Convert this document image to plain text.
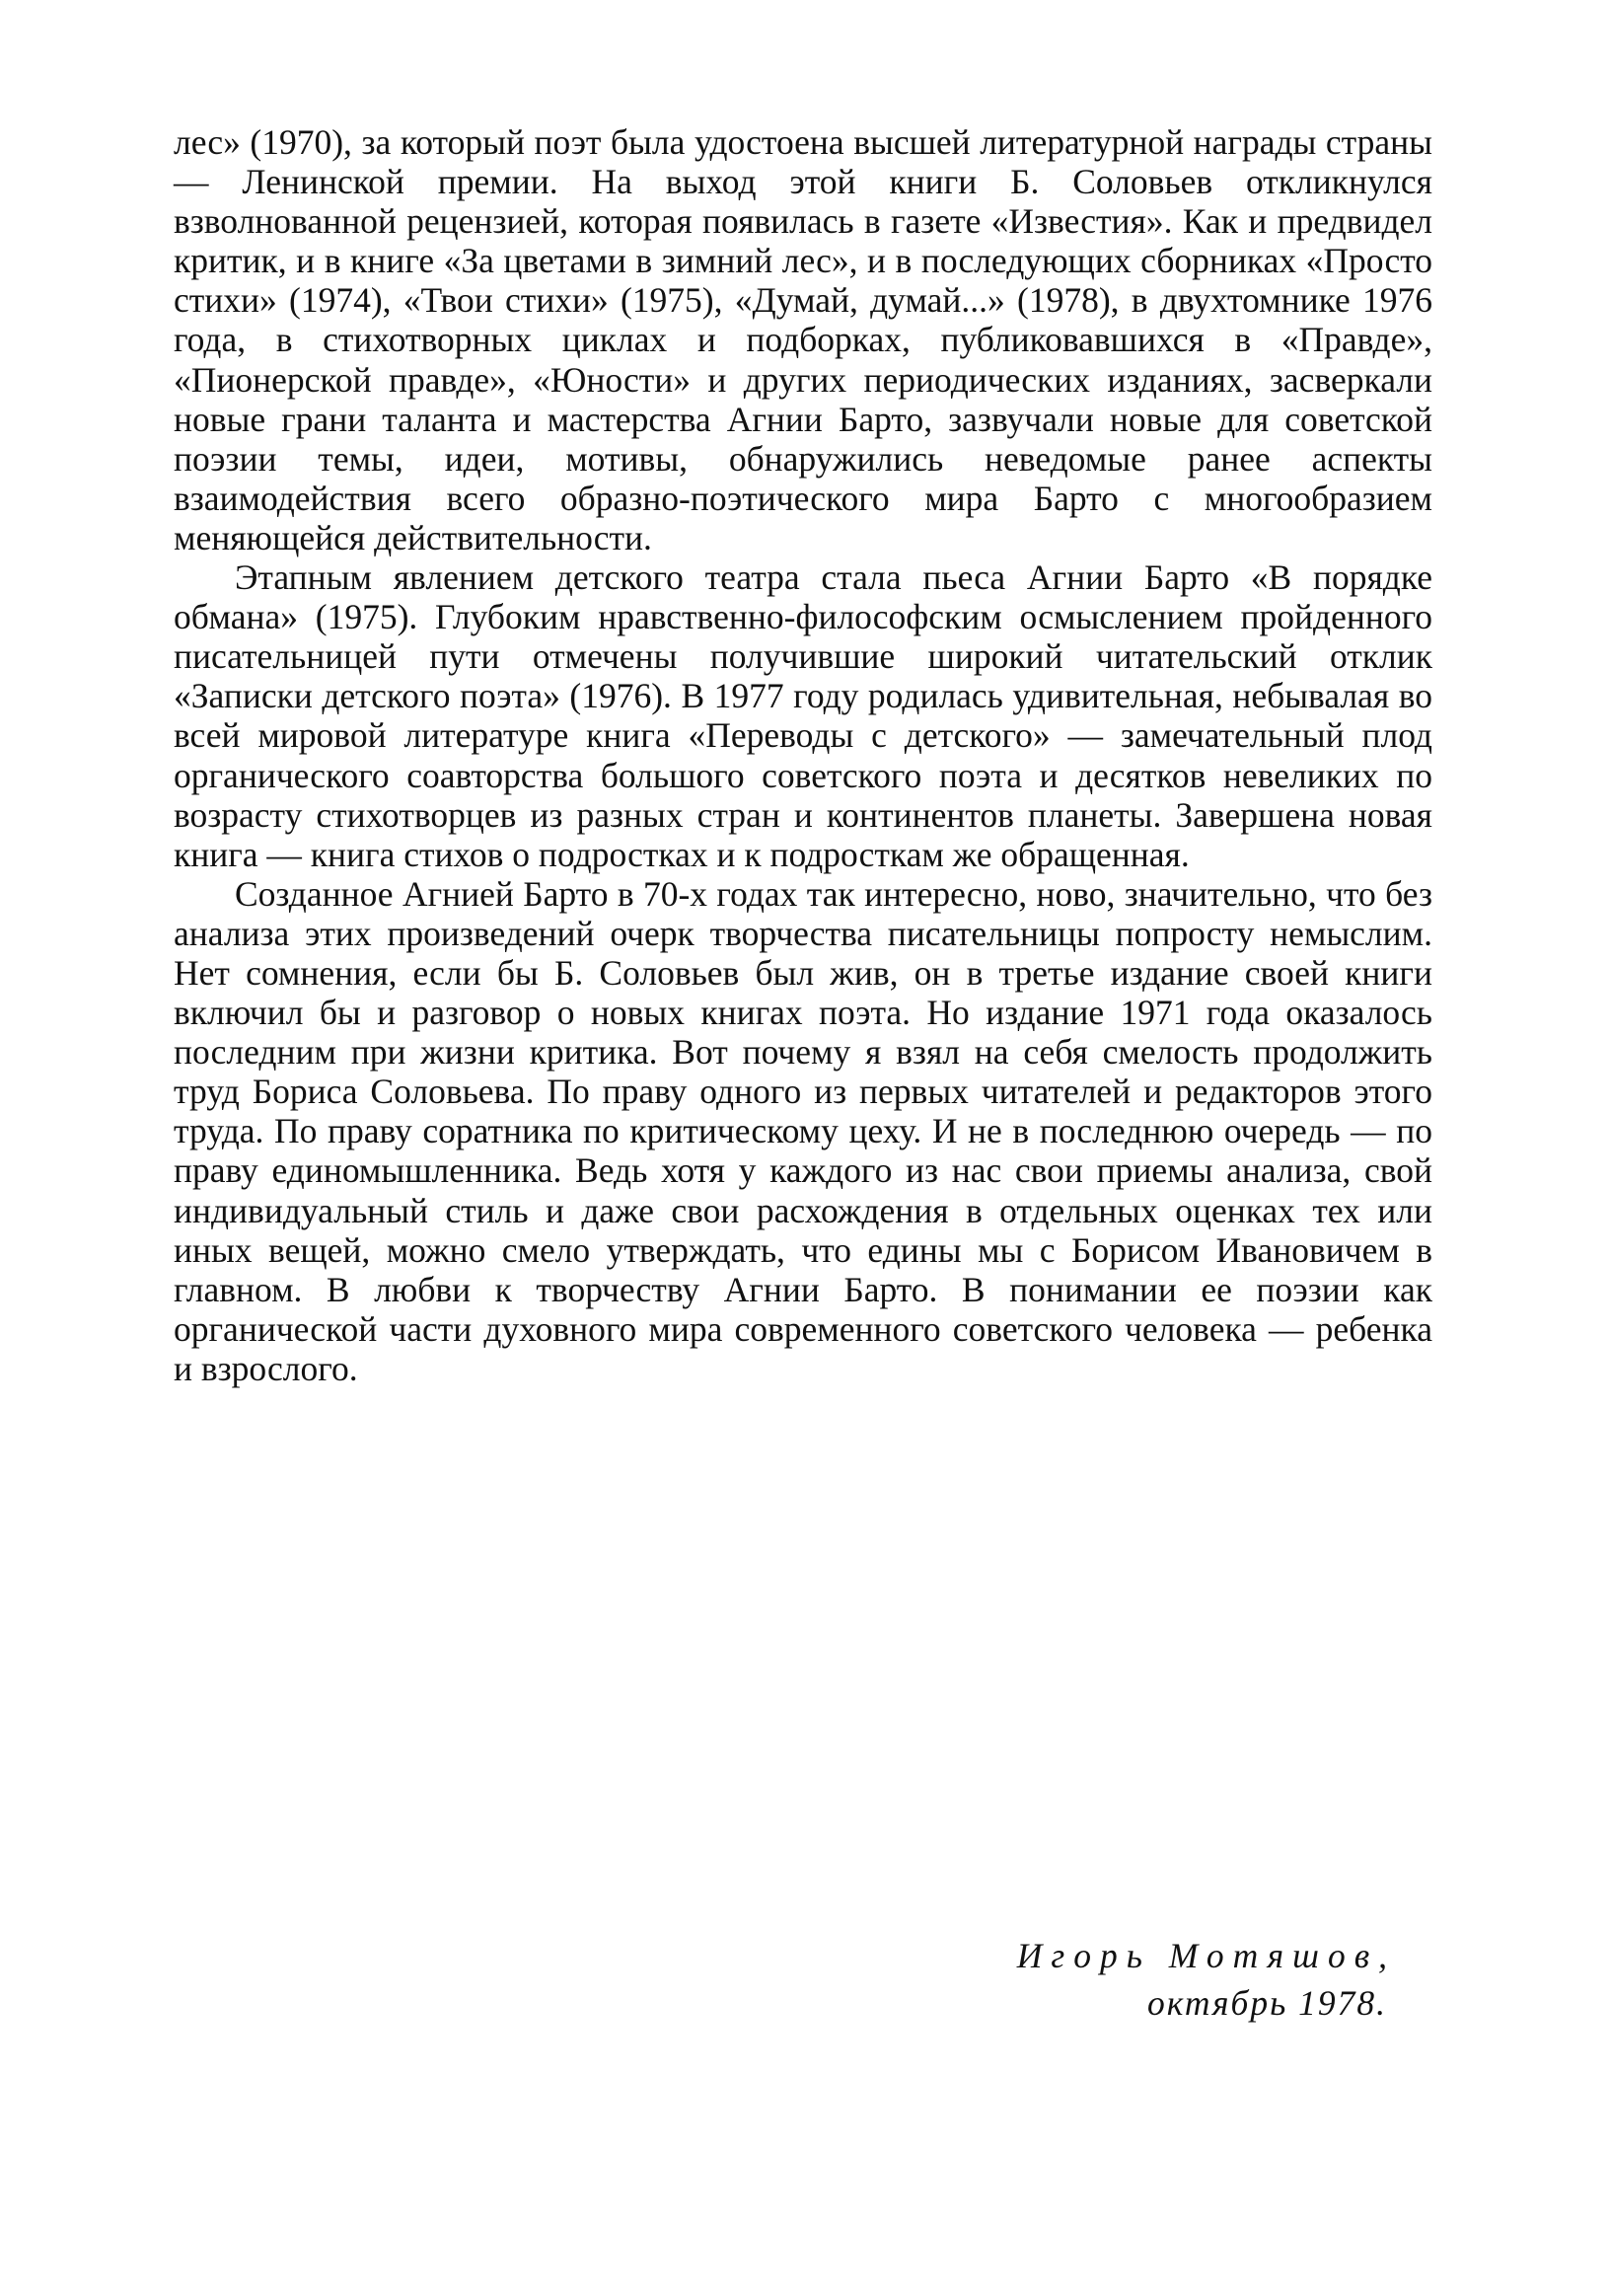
лес» (1970), за который поэт была удостоена высшей литературной награды страны — Ленинской премии. На выход этой книги Б. Соловьев откликнулся взволнованной рецензией, которая появилась в газете «Известия». Как и предвидел критик, и в книге «За цветами в зимний лес», и в последующих сборниках «Просто стихи» (1974), «Твои стихи» (1975), «Думай, думай...» (1978), в двухтомнике 1976 года, в стихотворных циклах и подборках, публиковавшихся в «Правде», «Пионерской правде», «Юности» и других периодических изданиях, засверкали новые грани таланта и мастерства Агнии Барто, зазвучали новые для советской поэзии темы, идеи, мотивы, обнаружились неведомые ранее аспекты взаимодействия всего образно-поэтического мира Барто с многообразием меняющейся действительности.

Этапным явлением детского театра стала пьеса Агнии Барто «В порядке обмана» (1975). Глубоким нравственно-философским осмыслением пройденного писательницей пути отмечены получившие широкий читательский отклик «Записки детского поэта» (1976). В 1977 году родилась удивительная, небывалая во всей мировой литературе книга «Переводы с детского» — замечательный плод органического соавторства большого советского поэта и десятков невеликих по возрасту стихотворцев из разных стран и континентов планеты. Завершена новая книга — книга стихов о подростках и к подросткам же обращенная.

Созданное Агнией Барто в 70-х годах так интересно, ново, значительно, что без анализа этих произведений очерк творчества писательницы попросту немыслим. Нет сомнения, если бы Б. Соловьев был жив, он в третье издание своей книги включил бы и разговор о новых книгах поэта. Но издание 1971 года оказалось последним при жизни критика. Вот почему я взял на себя смелость продолжить труд Бориса Соловьева. По праву одного из первых читателей и редакторов этого труда. По праву соратника по критическому цеху. И не в последнюю очередь — по праву единомышленника. Ведь хотя у каждого из нас свои приемы анализа, свой индивидуальный стиль и даже свои расхождения в отдельных оценках тех или иных вещей, можно смело утверждать, что едины мы с Борисом Ивановичем в главном. В любви к творчеству Агнии Барто. В понимании ее поэзии как органической части духовного мира современного советского человека — ребенка и взрослого.

Игорь Мотяшов,
октябрь 1978.
